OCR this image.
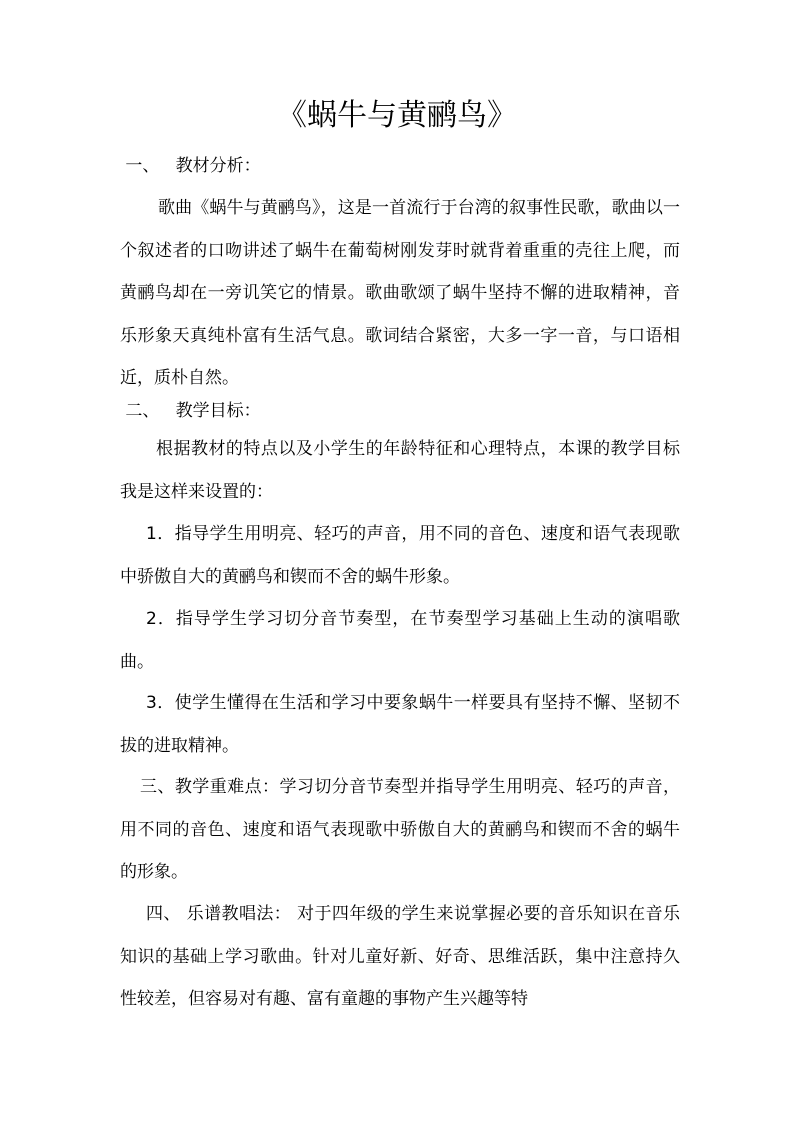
《蜗牛与黄鹂鸟》
一、   教材分析：
歌曲《蜗牛与黄鹂鸟》，这是一首流行于台湾的叙事性民歌，歌曲以一个叙述者的口吻讲述了蜗牛在葡萄树刚发芽时就背着重重的壳往上爬，而黄鹂鸟却在一旁讥笑它的情景。歌曲歌颂了蜗牛坚持不懈的进取精神，音乐形象天真纯朴富有生活气息。歌词结合紧密，大多一字一音，与口语相近，质朴自然。
二、   教学目标：
根据教材的特点以及小学生的年龄特征和心理特点，本课的教学目标我是这样来设置的：
1．指导学生用明亮、轻巧的声音，用不同的音色、速度和语气表现歌中骄傲自大的黄鹂鸟和锲而不舍的蜗牛形象。
2．指导学生学习切分音节奏型，在节奏型学习基础上生动的演唱歌曲。
3．使学生懂得在生活和学习中要象蜗牛一样要具有坚持不懈、坚韧不拔的进取精神。
三、教学重难点：学习切分音节奏型并指导学生用明亮、轻巧的声音，用不同的音色、速度和语气表现歌中骄傲自大的黄鹂鸟和锲而不舍的蜗牛的形象。
四、 乐谱教唱法： 对于四年级的学生来说掌握必要的音乐知识在音乐知识的基础上学习歌曲。针对儿童好新、好奇、思维活跃，集中注意持久性较差，但容易对有趣、富有童趣的事物产生兴趣等特
